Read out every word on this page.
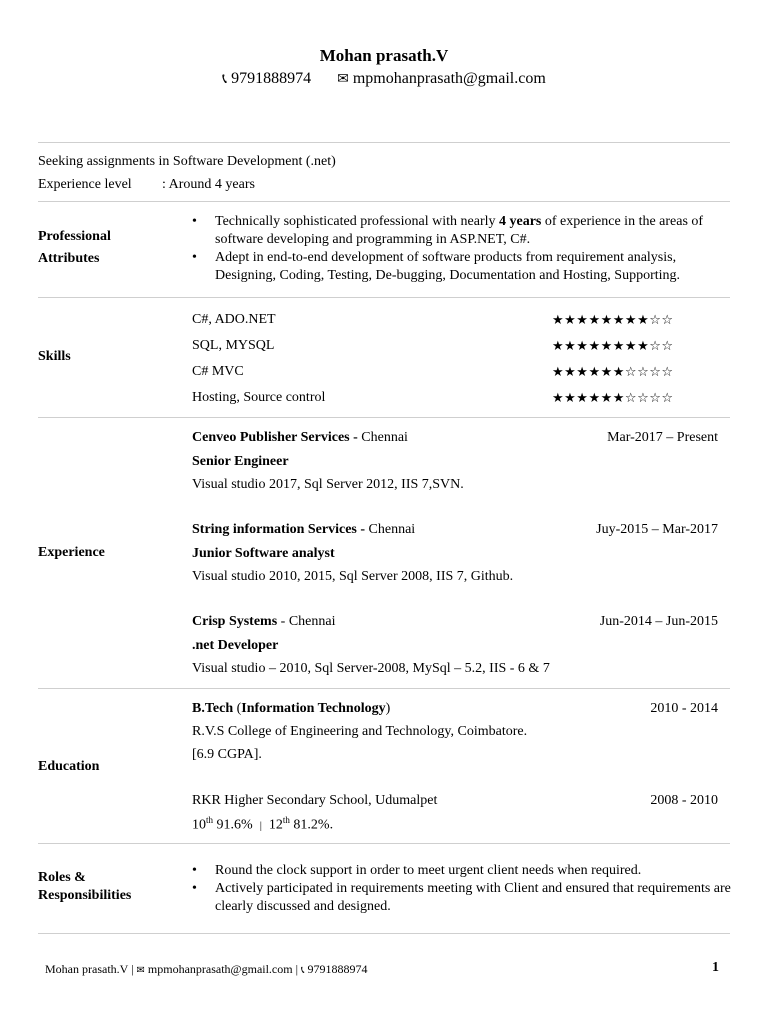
Mohan prasath.V
📞︎ 9791888974 ✉︎ mpmohanprasath@gmail.com
Seeking assignments in Software Development (.net)
Experience level : Around 4 years
Professional
Attributes
• Technically sophisticated professional with nearly 4 years of experience in the areas of software developing and programming in ASP.NET, C#.
• Adept in end-to-end development of software products from requirement analysis, Designing, Coding, Testing, De-bugging, Documentation and Hosting, Supporting.
Skills
C#, ADO.NET	★★★★★★★★☆☆
SQL, MYSQL	★★★★★★★★☆☆
C# MVC	★★★★★★☆☆☆☆
Hosting, Source control	★★★★★★☆☆☆☆
Experience
Cenveo Publisher Services - Chennai	Mar-2017 – Present
Senior Engineer
Visual studio 2017, Sql Server 2012, IIS 7,SVN.
String information Services - Chennai	Juy-2015 – Mar-2017
Junior Software analyst
Visual studio 2010, 2015, Sql Server 2008, IIS 7, Github.
Crisp Systems - Chennai	Jun-2014 – Jun-2015
.net Developer
Visual studio – 2010, Sql Server-2008, MySql – 5.2, IIS - 6 & 7
Education
B.Tech (Information Technology)	2010 - 2014
R.V.S College of Engineering and Technology, Coimbatore.
[6.9 CGPA].
RKR Higher Secondary School, Udumalpet	2008 - 2010
10th 91.6%  |  12th 81.2%.
Roles &
Responsibilities
• Round the clock support in order to meet urgent client needs when required.
• Actively participated in requirements meeting with Client and ensured that requirements are clearly discussed and designed.
Mohan prasath.V | ✉︎ mpmohanprasath@gmail.com | 📞︎ 9791888974	1
